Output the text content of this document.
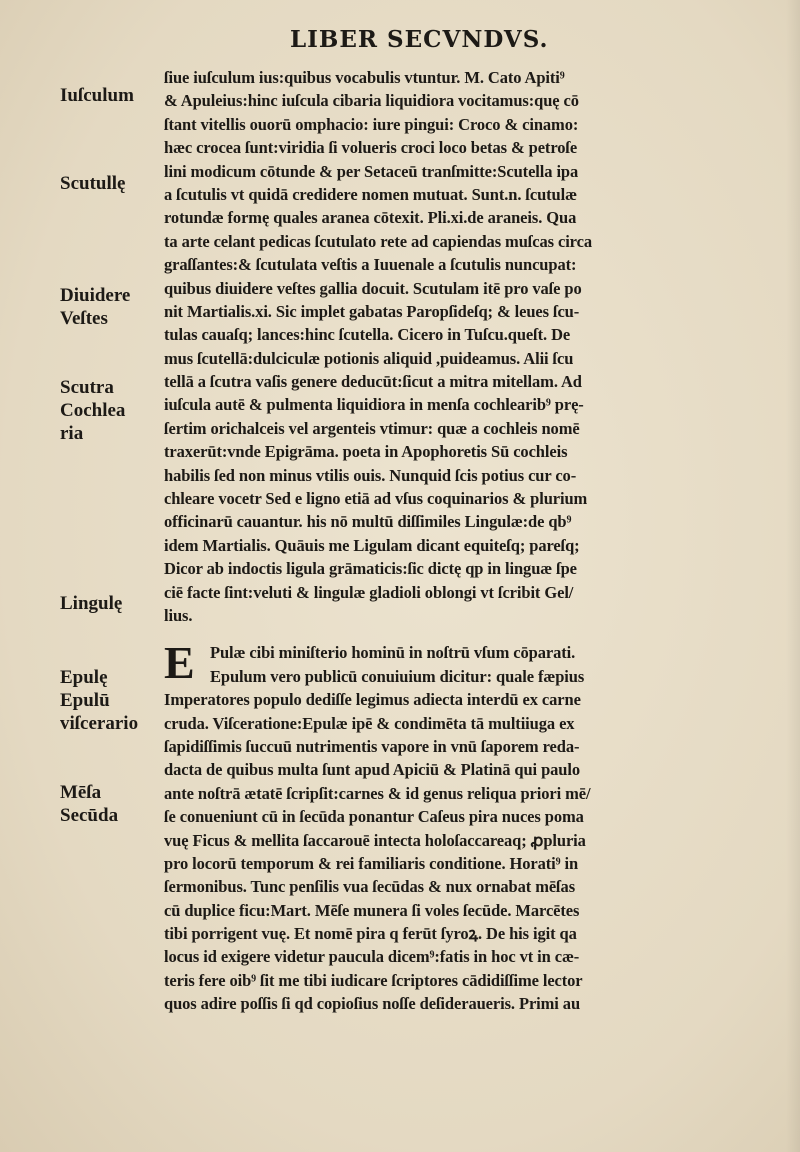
LIBER SECVNDVS.
Iuſculum
Scutullę
Diuidere
Veſtes
Scutra
Cochlea
ria
Lingulę
Epulę
Epulū
viſcerario
Mēſa
Secūda
ſiue iuſculum ius:quibus vocabulis vtuntur. M. Cato Apiti⁹
& Apuleius:hinc iuſcula cibaria liquidiora vocitamus:quę cō
ſtant vitellis ouorū omphacio: iure pingui: Croco & cinamo:
hæc crocea ſunt:viridia ſi volueris croci loco betas & petroſe
lini modicum cōtunde & per Setaceū tranſmitte:Scutella ipa
a ſcutulis vt quidā credidere nomen mutuat. Sunt.n. ſcutulæ
rotundæ formę quales aranea cōtexit. Pli.xi.de araneis. Qua
ta arte celant pedicas ſcutulato rete ad capiendas muſcas circa
graſſantes:& ſcutulata veſtis a Iuuenale a ſcutulis nuncupat:
quibus diuidere veſtes gallia docuit. Scutulam itē pro vaſe po
nit Martialis.xi. Sic implet gabatas Paropſideſq; & leues ſcu-
tulas cauaſq; lances:hinc ſcutella. Cicero in Tuſcu.queſt. De
mus ſcutellā:dulciculæ potionis aliquid ,puideamus. Alii ſcu
tellā a ſcutra vaſis genere deducūt:ſicut a mitra mitellam. Ad
iuſcula autē & pulmenta liquidiora in menſa cochlearib⁹ prę-
ſertim orichalceis vel argenteis vtimur: quæ a cochleis nomē
traxerūt:vnde Epigrāma. poeta in Apophoretis Sū cochleis
habilis ſed non minus vtilis ouis. Nunquid ſcis potius cur co-
chleare vocetr Sed e ligno etiā ad vſus coquinarios & plurium
officinarū cauantur. his nō multū diſſimiles Lingulæ:de qb⁹
idem Martialis. Quāuis me Ligulam dicant equiteſq; pareſq;
Dicor ab indoctis ligula grāmaticis:ſic dictę qp in linguæ ſpe
ciē facte ſint:veluti & lingulæ gladioli oblongi vt ſcribit Gel/
lius.
E Pulæ cibi miniſterio hominū in noſtrū vſum cōparati.
Epulum vero publicū conuiuium dicitur: quale fæpius
Imperatores populo dediſſe legimus adiecta interdū ex carne
cruda. Viſceratione:Epulæ ipē & condimēta tā multiiuga ex
ſapidiſſimis ſuccuū nutrimentis vapore in vnū ſaporem reda-
dacta de quibus multa ſunt apud Apiciū & Platinā qui paulo
ante noſtrā ætatē ſcripſit:carnes & id genus reliqua priori mē/
ſe conueniunt cū in ſecūda ponantur Caſeus pira nuces poma
vuę Ficus & mellita ſaccarouē intecta holoſaccareaq; ꝓpluria
pro locorū temporum & rei familiaris conditione. Horati⁹ in
ſermonibus. Tunc penſilis vua ſecūdas & nux ornabat mēſas
cū duplice ficu:Mart. Mēſe munera ſi voles ſecūde. Marcētes
tibi porrigent vuę. Et nomē pira q ferūt ſyroꝝ. De his igit qa
locus id exigere videtur paucula dicem⁹:fatis in hoc vt in cæ-
teris fere oib⁹ ſit me tibi iudicare ſcriptores cādidiſſime lector
quos adire poſſis ſi qd copioſius noſſe deſideraueris. Primi au
